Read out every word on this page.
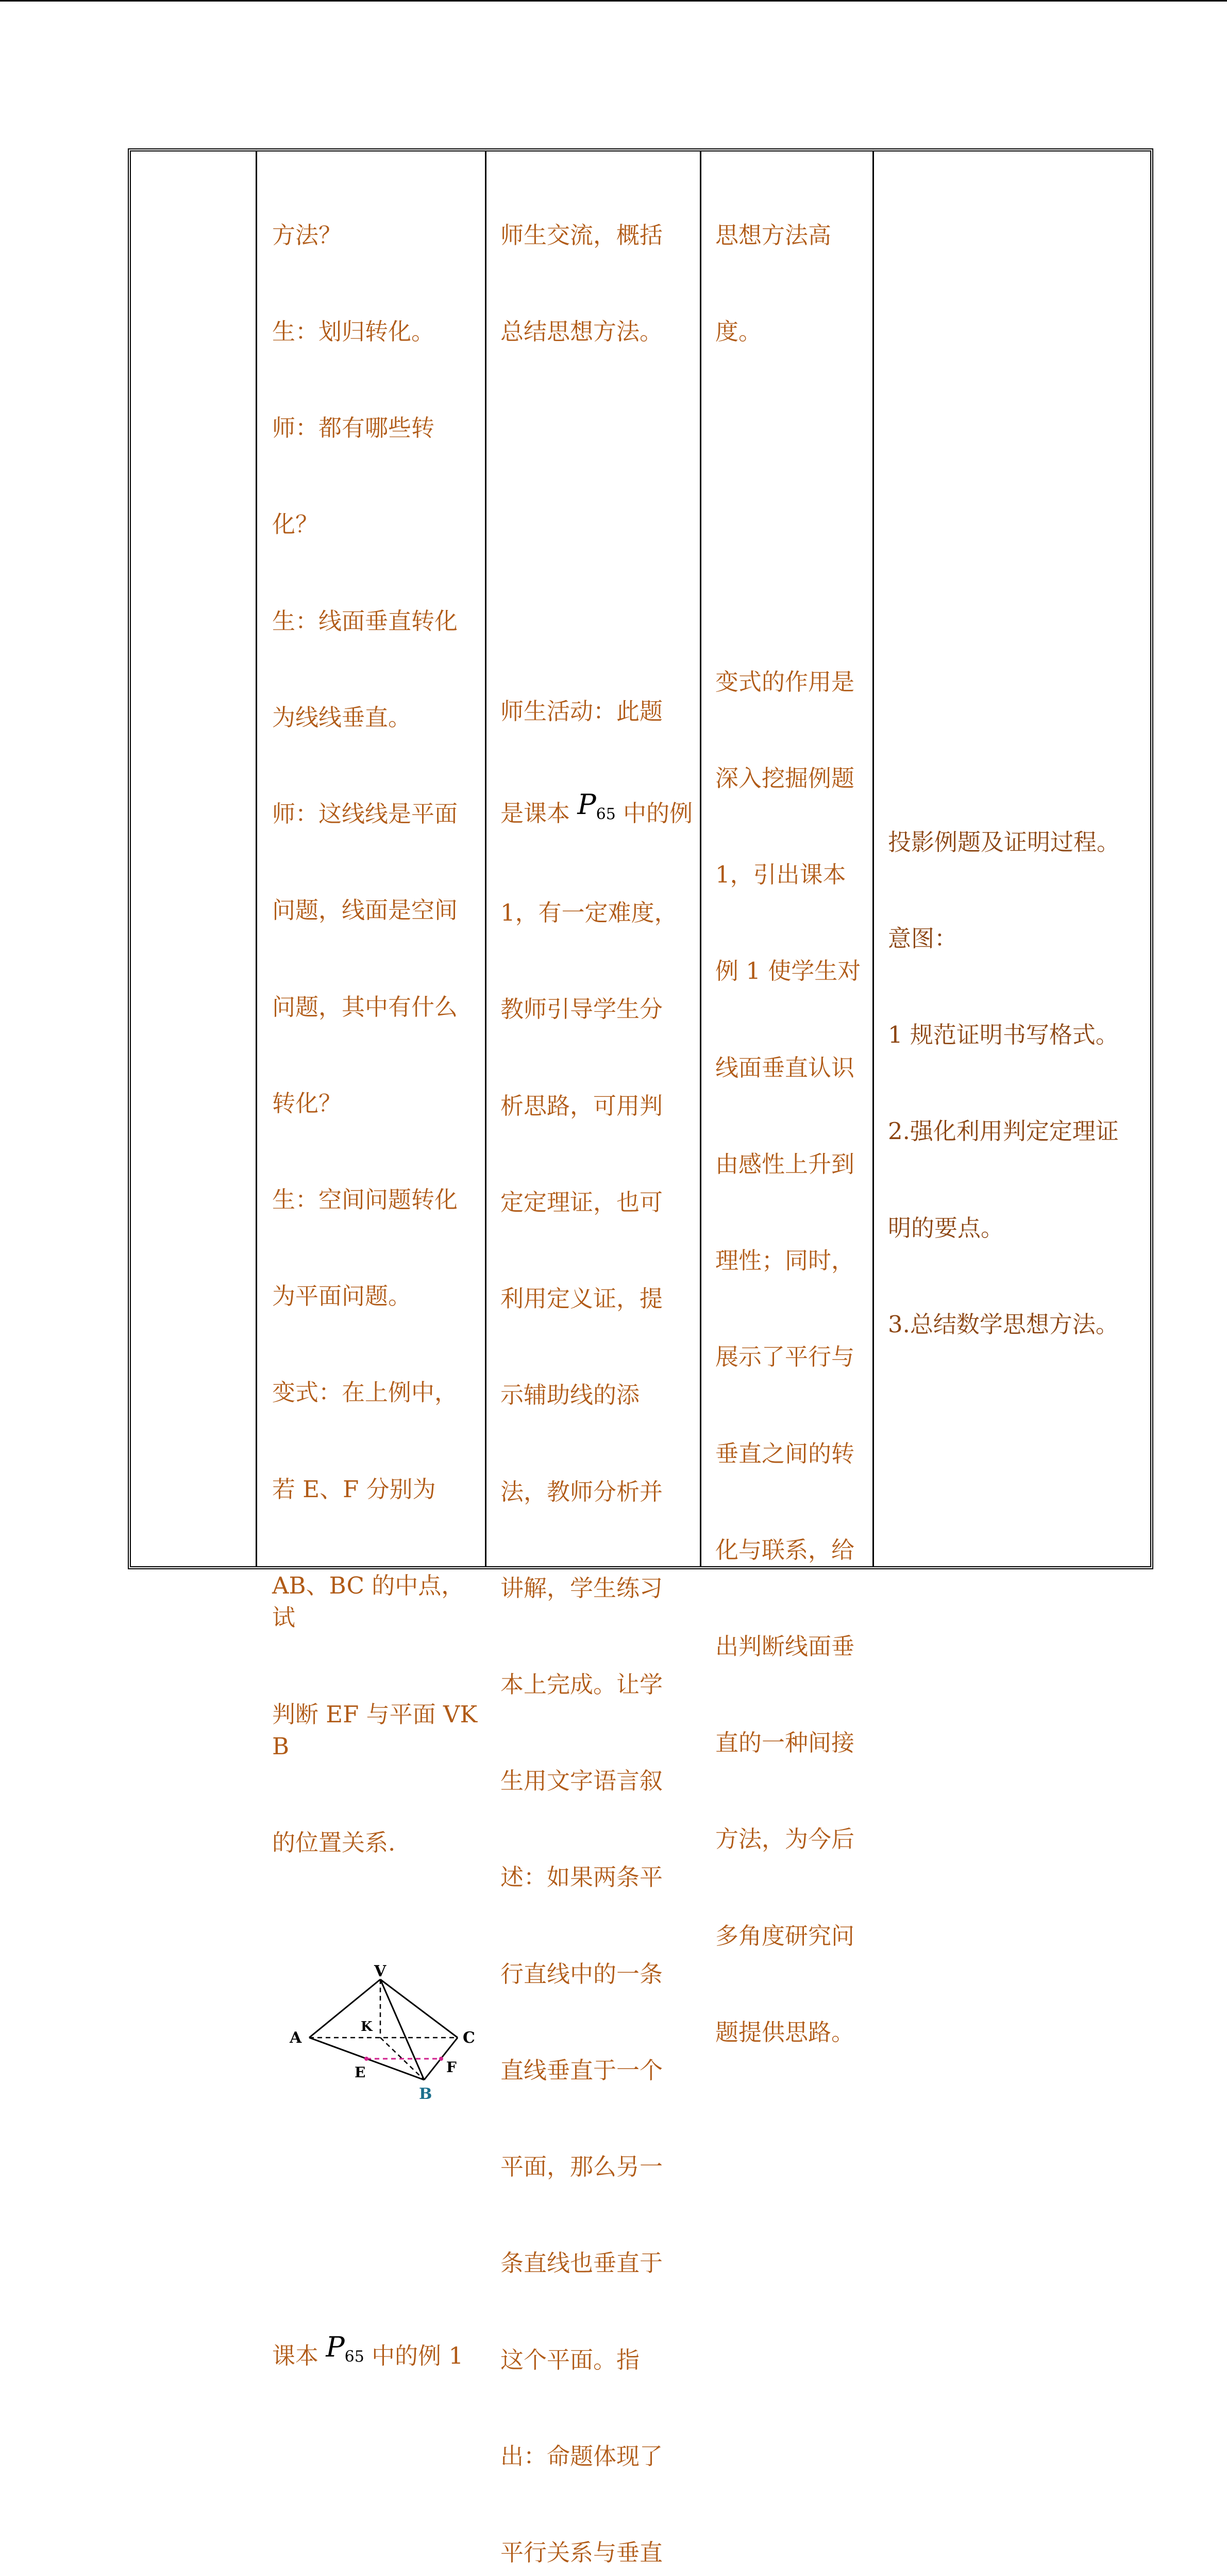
方法？

生：划归转化。

师：都有哪些转

化？

生：线面垂直转化

为线线垂直。

师：这线线是平面

问题，线面是空间

问题，其中有什么

转化？

生：空间问题转化

为平面问题。

变式：在上例中，

若 E、F 分别为

AB、BC 的中点，试

判断 EF 与平面 VKB

的位置关系.

V
A
K
C
E	F
B

课本 P65 中的例 1

师生交流，概括

总结思想方法。

师生活动：此题

是课本 P65 中的例

1，有一定难度，

教师引导学生分

析思路，可用判

定定理证，也可

利用定义证，提

示辅助线的添

法，教师分析并

讲解，学生练习

本上完成。让学

生用文字语言叙

述：如果两条平

行直线中的一条

直线垂直于一个

平面，那么另一

条直线也垂直于

这个平面。指

出：命题体现了

平行关系与垂直

思想方法高

度。

变式的作用是

深入挖掘例题

1，引出课本

例 1 使学生对

线面垂直认识

由感性上升到

理性；同时，

展示了平行与

垂直之间的转

化与联系，给

出判断线面垂

直的一种间接

方法，为今后

多角度研究问

题提供思路。

投影例题及证明过程。

意图：

1 规范证明书写格式。

2.强化利用判定定理证

明的要点。

3.总结数学思想方法。
